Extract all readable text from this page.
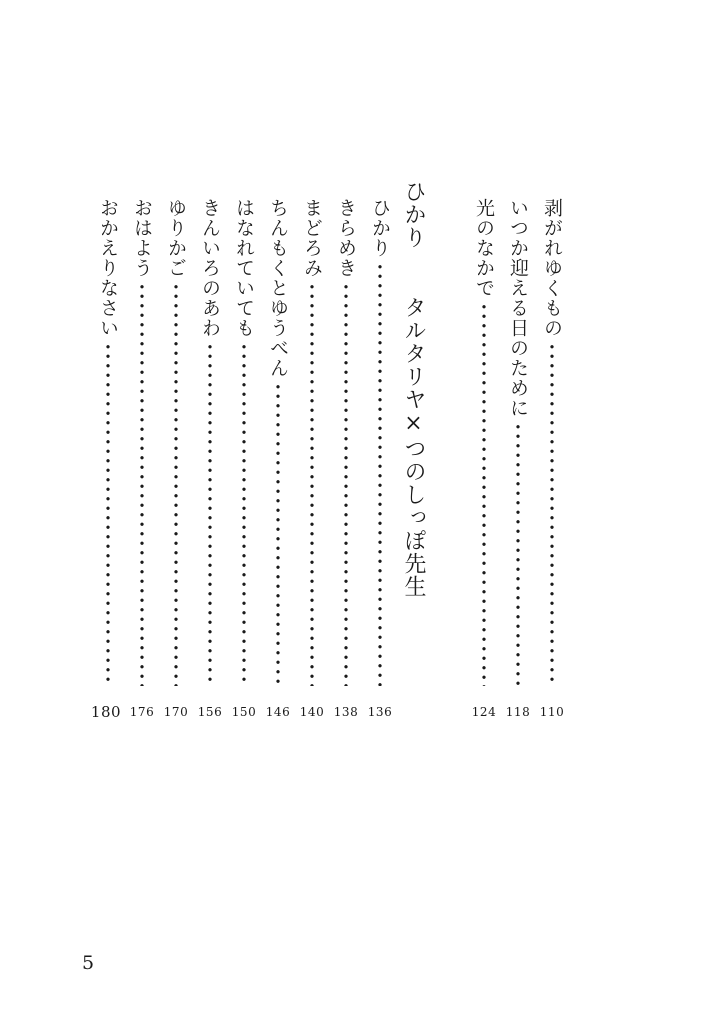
剥がれゆくもの
110
いつか迎える日のために
118
光のなかで
124
ひかり
タルタリヤ×つのしっぽ先生
ひかり
136
きらめき
138
まどろみ
140
ちんもくとゆうべん
146
はなれていても
150
きんいろのあわ
156
ゆりかご
170
おはよう
176
おかえりなさい
180
5
